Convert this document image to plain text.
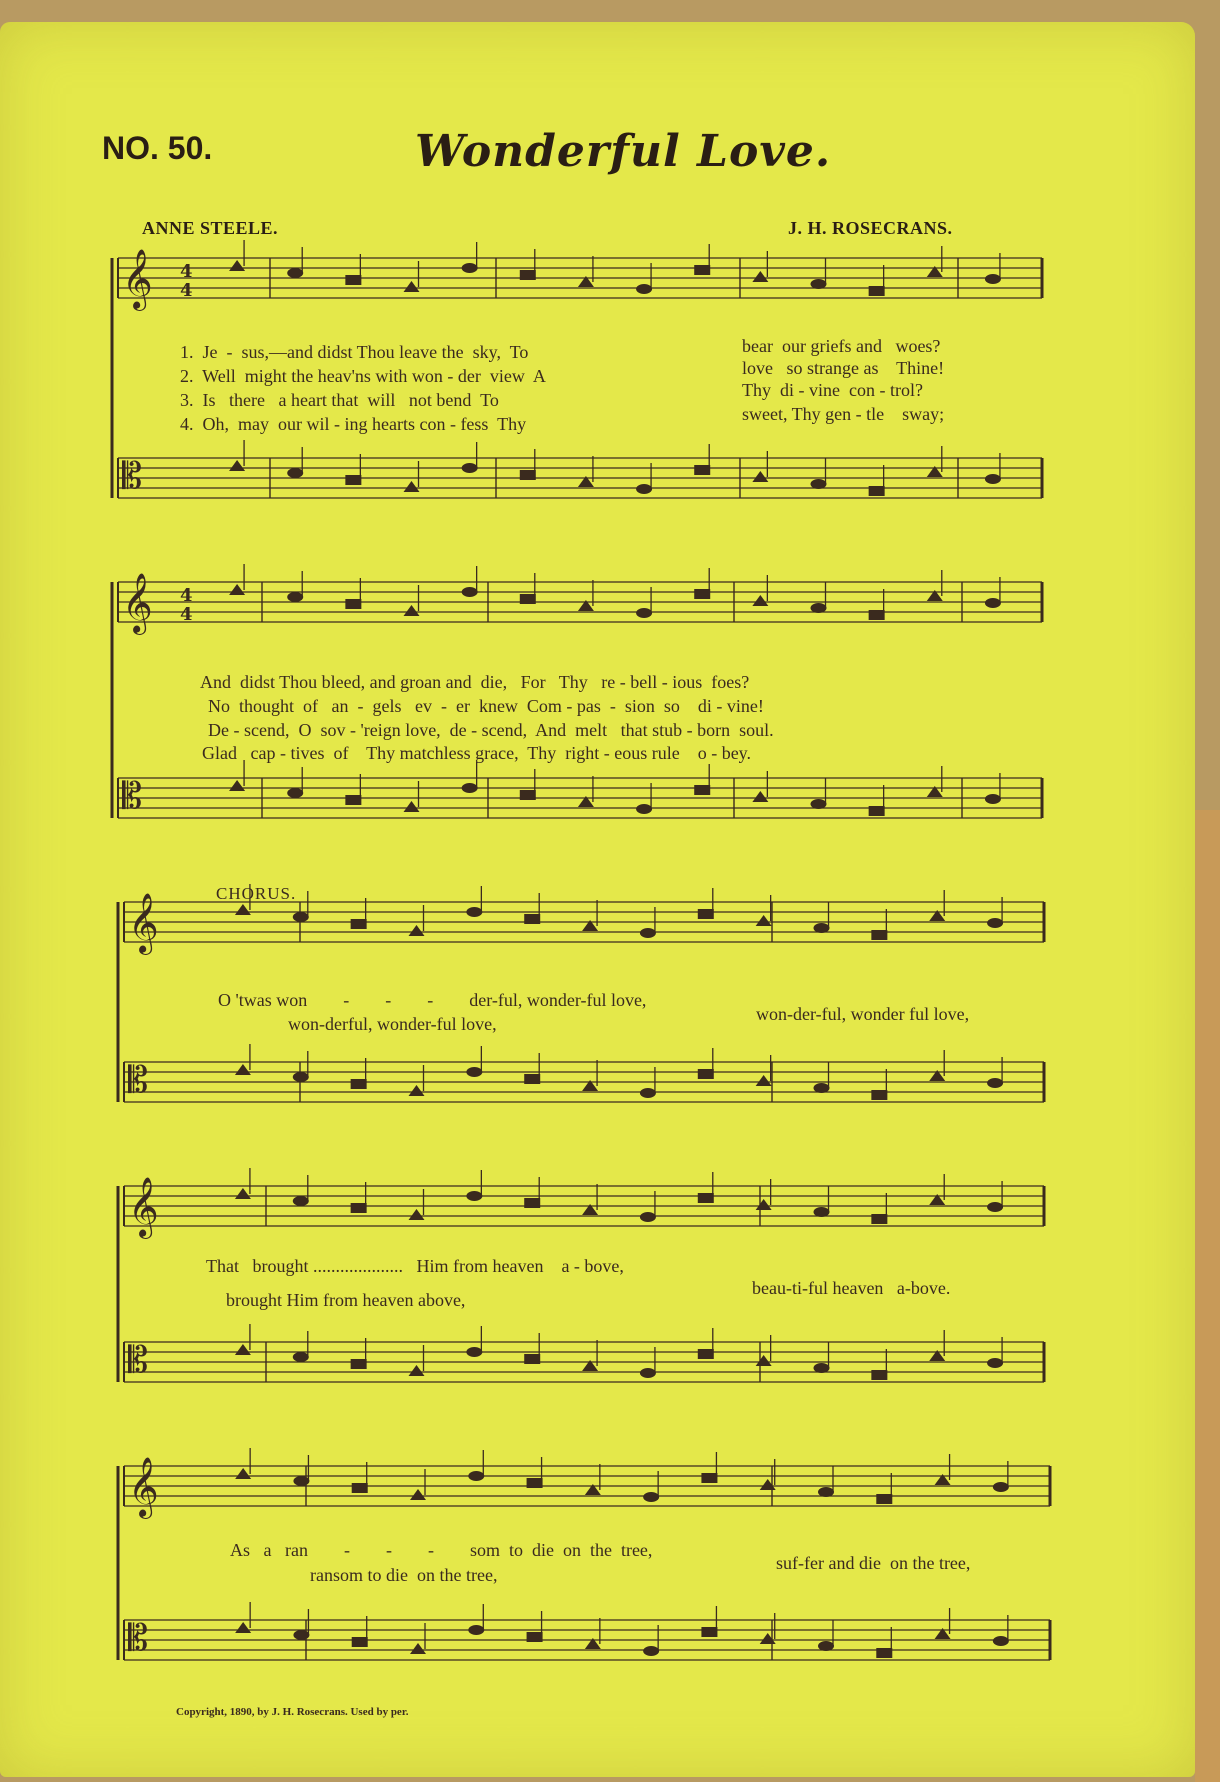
NO. 50.	Wonderful Love.
ANNE STEELE.	J. H. ROSECRANS.
𝄞
𝄡
4
4
𝄞
𝄡
4
4
𝄞
𝄡
𝄞
𝄡
𝄞
𝄡
1.  Je  -  sus,—and didst Thou leave the  sky,  To
2.  Well  might the heav'ns with won - der  view  A
3.  Is   there   a heart that  will   not bend  To
4.  Oh,  may  our wil - ing hearts con - fess  Thy
bear  our griefs and   woes?
love   so strange as    Thine!
Thy  di - vine  con - trol?
sweet, Thy gen - tle    sway;
And  didst Thou bleed, and groan and  die,   For   Thy   re - bell - ious  foes?
No  thought  of   an  -  gels   ev  -  er  knew  Com - pas  -  sion  so    di - vine!
De - scend,  O  sov - 'reign love,  de - scend,  And  melt   that stub - born  soul.
Glad   cap - tives  of    Thy matchless grace,  Thy  right - eous rule    o - bey.
CHORUS.
O 'twas won        -        -        -        der-ful, wonder-ful love,
won-derful, wonder-ful love,	won-der-ful, wonder ful love,
That   brought ....................   Him from heaven    a - bove,
brought Him from heaven above,
beau-ti-ful heaven   a-bove.
As   a   ran        -        -        -        som  to  die  on  the  tree,
ransom to die  on the tree,
suf-fer and die  on the tree,
Copyright, 1890, by J. H. Rosecrans. Used by per.
